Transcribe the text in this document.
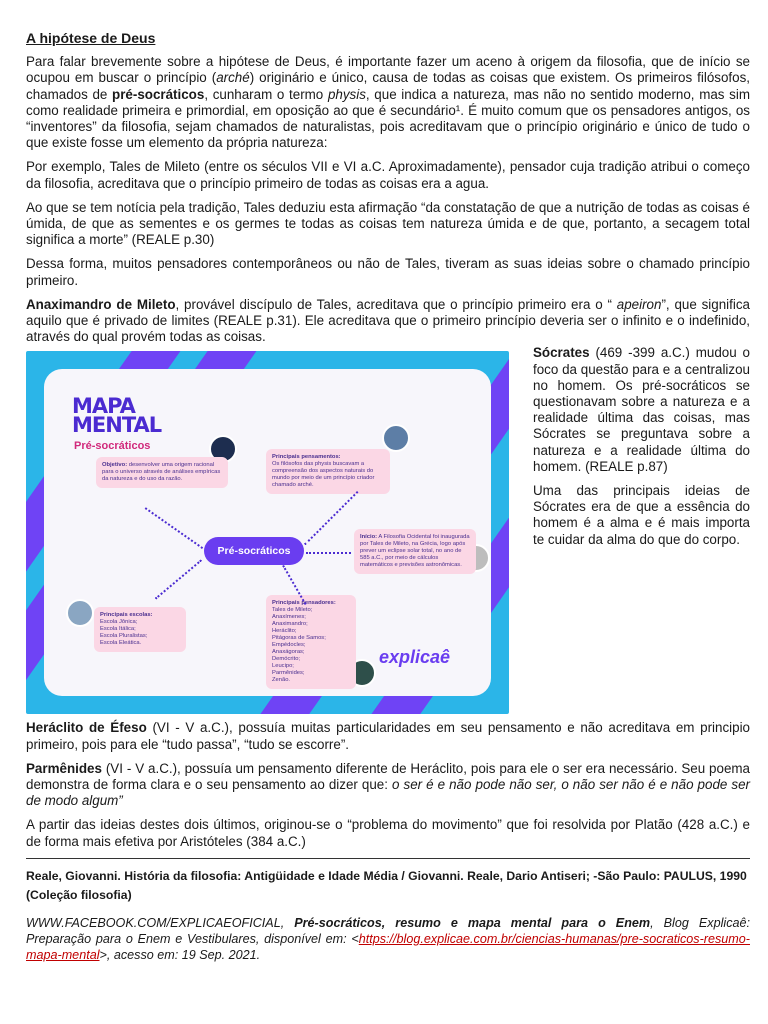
A hipótese de Deus

Para falar brevemente sobre a hipótese de Deus, é importante fazer um aceno à origem da filosofia, que de início se ocupou em buscar o princípio (arché) originário e único, causa de todas as coisas que existem. Os primeiros filósofos, chamados de pré-socráticos, cunharam o termo physis, que indica a natureza, mas não no sentido moderno, mas sim como realidade primeira e primordial, em oposição ao que é secundário¹. É muito comum que os pensadores antigos, os “inventores” da filosofia, sejam chamados de naturalistas, pois acreditavam que o princípio originário e único de tudo o que existe fosse um elemento da própria natureza:

Por exemplo, Tales de Mileto (entre os séculos VII e VI a.C. Aproximadamente), pensador cuja tradição atribui o começo da filosofia, acreditava que o princípio primeiro de todas as coisas era a agua.

Ao que se tem notícia pela tradição, Tales deduziu esta afirmação “da constatação de que a nutrição de todas as coisas é úmida, de que as sementes e os germes te todas as coisas tem natureza úmida e de que, portanto, a secagem total significa a morte” (REALE p.30)

Dessa forma, muitos pensadores contemporâneos ou não de Tales, tiveram as suas ideias sobre o chamado princípio primeiro.

Anaximandro de Mileto, provável discípulo de Tales, acreditava que o princípio primeiro era o “ apeiron”, que significa aquilo que é privado de limites (REALE p.31). Ele acreditava que o primeiro princípio deveria ser o infinito e o indefinido, através do qual provém todas as coisas.

MAPA
MENTAL
Pré-socráticos
Objetivo: desenvolver uma origem racional para o universo através de análises empíricas da natureza e do uso da razão.
Principais pensamentos:
Os filósofos das physis buscavam a compreensão dos aspectos naturais do mundo por meio de um princípio criador chamado arché.
Início: A Filosofia Ocidental foi inaugurada por Tales de Mileto, na Grécia, logo após prever um eclipse solar total, no ano de 585 a.C., por meio de cálculos matemáticos e previsões astronômicas.
Principais escolas:
Escola Jônica;
Escola Itálica;
Escola Pluralistas;
Escola Eleática.
Principais pensadores:
Tales de Mileto;
Anaxímenes;
Anaximandro;
Heráclito;
Pitágoras de Samos;
Empédocles;
Anaxágoras;
Demócrito;
Leucipo;
Parmênides;
Zenão.
Pré-socráticos
explicaê

Sócrates (469 -399 a.C.) mudou o foco da questão para e a centralizou no homem. Os pré-socráticos se questionavam sobre a natureza e a realidade última das coisas, mas Sócrates se preguntava sobre a natureza e a realidade última do homem. (REALE p.87)

Uma das principais ideias de Sócrates era de que a essência do homem é a alma e é mais importa te cuidar da alma do que do corpo.

Heráclito de Éfeso (VI - V a.C.), possuía muitas particularidades em seu pensamento e não acreditava em principio primeiro, pois para ele “tudo passa”, “tudo se escorre”.

Parmênides (VI - V a.C.), possuía um pensamento diferente de Heráclito, pois para ele o ser era necessário. Seu poema demonstra de forma clara e o seu pensamento ao dizer que: o ser é e não pode não ser, o não ser não é e não pode ser de modo algum”

A partir das ideias destes dois últimos, originou-se o “problema do movimento” que foi resolvida por Platão (428 a.C.) e de forma mais efetiva por Aristóteles (384 a.C.)

Reale, Giovanni. História da filosofia: Antigüidade e Idade Média / Giovanni. Reale, Dario Antiseri; -São Paulo: PAULUS, 1990 (Coleção filosofia)
WWW.FACEBOOK.COM/EXPLICAEOFICIAL, Pré-socráticos, resumo e mapa mental para o Enem, Blog Explicaê: Preparação para o Enem e Vestibulares, disponível em: <https://blog.explicae.com.br/ciencias-humanas/pre-socraticos-resumo-mapa-mental>, acesso em: 19 Sep. 2021.
